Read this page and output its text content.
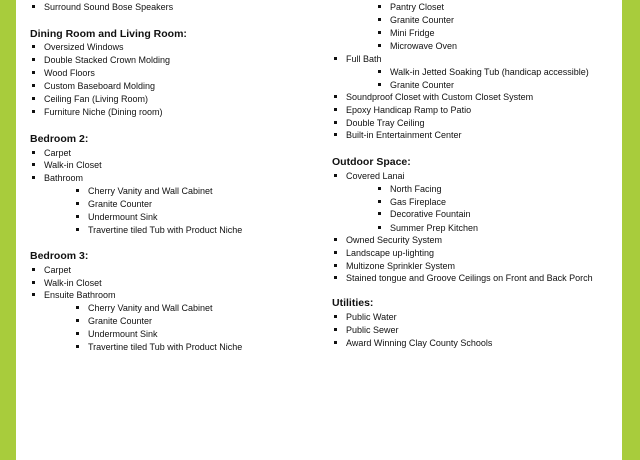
Surround Sound Bose Speakers
Dining Room and Living Room:
Oversized Windows
Double Stacked Crown Molding
Wood Floors
Custom Baseboard Molding
Ceiling Fan (Living Room)
Furniture Niche (Dining room)
Bedroom 2:
Carpet
Walk-in Closet
Bathroom
Cherry Vanity and Wall Cabinet
Granite Counter
Undermount Sink
Travertine tiled Tub with Product Niche
Bedroom 3:
Carpet
Walk-in Closet
Ensuite Bathroom
Cherry Vanity and Wall Cabinet
Granite Counter
Undermount Sink
Travertine tiled Tub with Product Niche
Pantry Closet
Granite Counter
Mini Fridge
Microwave Oven
Full Bath
Walk-in Jetted Soaking Tub (handicap accessible)
Granite Counter
Soundproof Closet with Custom Closet System
Epoxy Handicap Ramp to Patio
Double Tray Ceiling
Built-in Entertainment Center
Outdoor Space:
Covered Lanai
North Facing
Gas Fireplace
Decorative Fountain
Summer Prep Kitchen
Owned Security System
Landscape up-lighting
Multizone Sprinkler System
Stained tongue and Groove Ceilings on Front and Back Porch
Utilities:
Public Water
Public Sewer
Award Winning Clay County Schools
